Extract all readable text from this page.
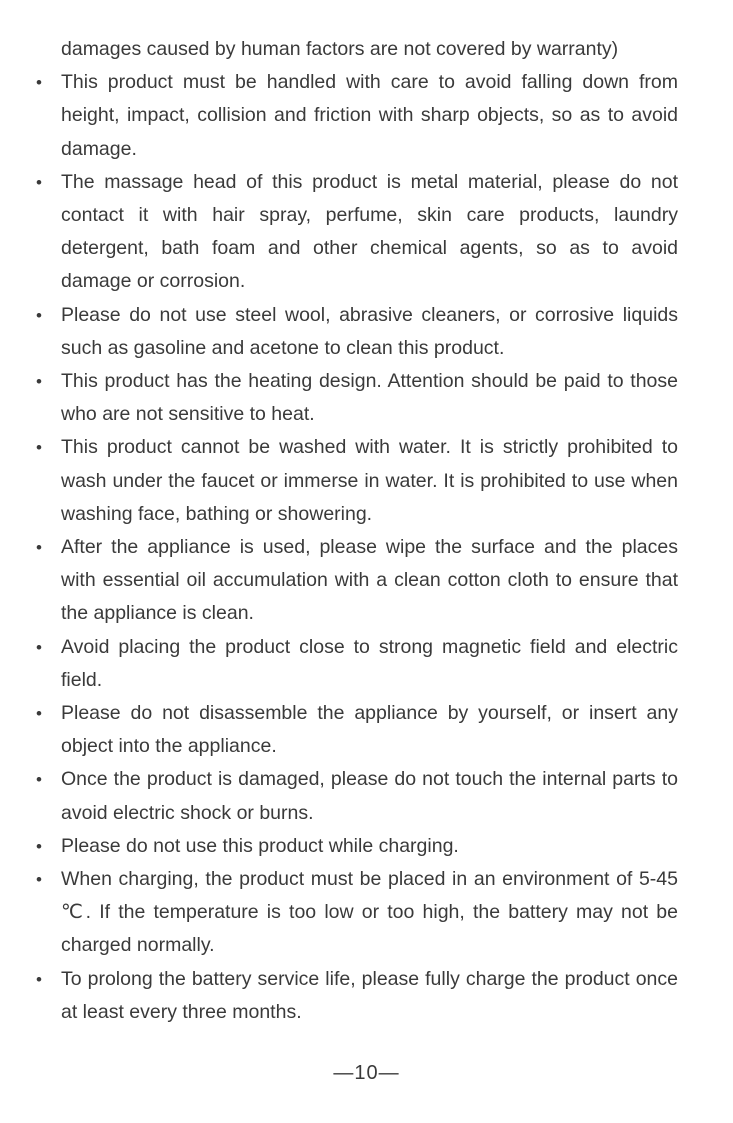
damages caused by human factors are not covered by warranty)

• This product must be handled with care to avoid falling down from height, impact, collision and friction with sharp objects, so as to avoid damage.
• The massage head of this product is metal material, please do not contact it with hair spray, perfume, skin care products, laundry detergent, bath foam and other chemical agents, so as to avoid damage or corrosion.
• Please do not use steel wool, abrasive cleaners, or corrosive liquids such as gasoline and acetone to clean this product.
• This product has the heating design. Attention should be paid to those who are not sensitive to heat.
• This product cannot be washed with water. It is strictly prohibited to wash under the faucet or immerse in water. It is prohibited to use when washing face, bathing or showering.
• After the appliance is used, please wipe the surface and the places with essential oil accumulation with a clean cotton cloth to ensure that the appliance is clean.
• Avoid placing the product close to strong magnetic field and electric field.
• Please do not disassemble the appliance by yourself, or insert any object into the appliance.
• Once the product is damaged, please do not touch the internal parts to avoid electric shock or burns.
• Please do not use this product while charging.
• When charging, the product must be placed in an environment of 5-45 ℃. If the temperature is too low or too high, the battery may not be charged normally.
• To prolong the battery service life, please fully charge the product once at least every three months.
—10—
